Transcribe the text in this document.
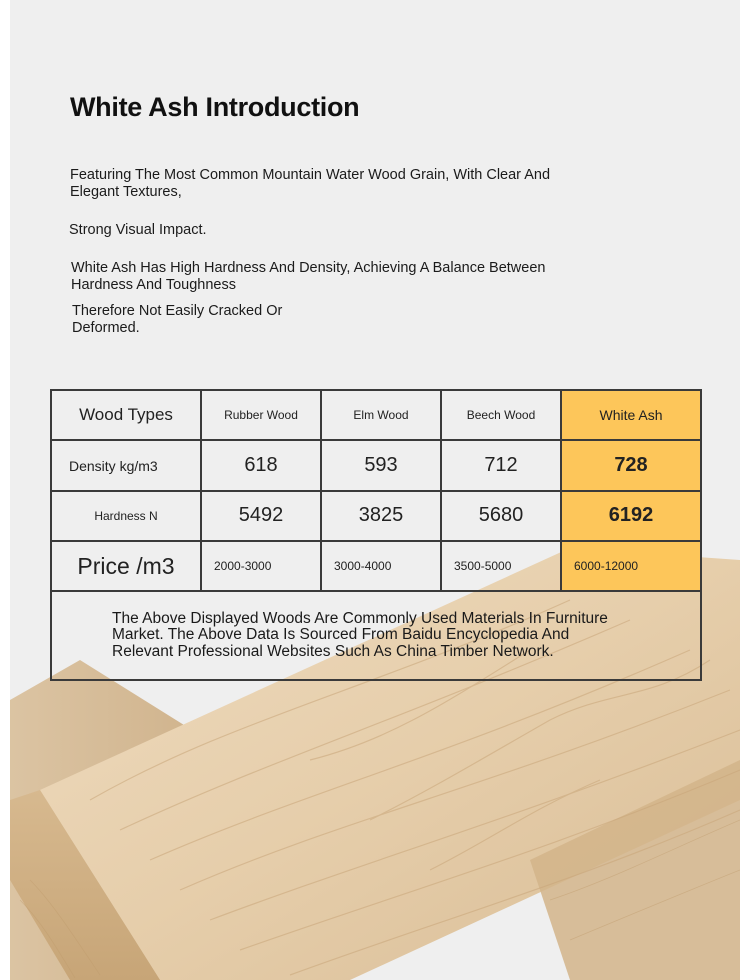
White Ash Introduction
Featuring The Most Common Mountain Water Wood Grain, With Clear And Elegant Textures,
Strong Visual Impact.
White Ash Has High Hardness And Density, Achieving A Balance Between Hardness And Toughness
Therefore Not Easily Cracked Or Deformed.
Wood Types	Rubber Wood	Elm Wood	Beech Wood	White Ash
Density kg/m3	618	593	712	728
Hardness N	5492	3825	5680	6192
Price /m3	2000-3000	3000-4000	3500-5000	6000-12000

The Above Displayed Woods Are Commonly Used Materials In Furniture Market. The Above Data Is Sourced From Baidu Encyclopedia And Relevant Professional Websites Such As China Timber Network.				
